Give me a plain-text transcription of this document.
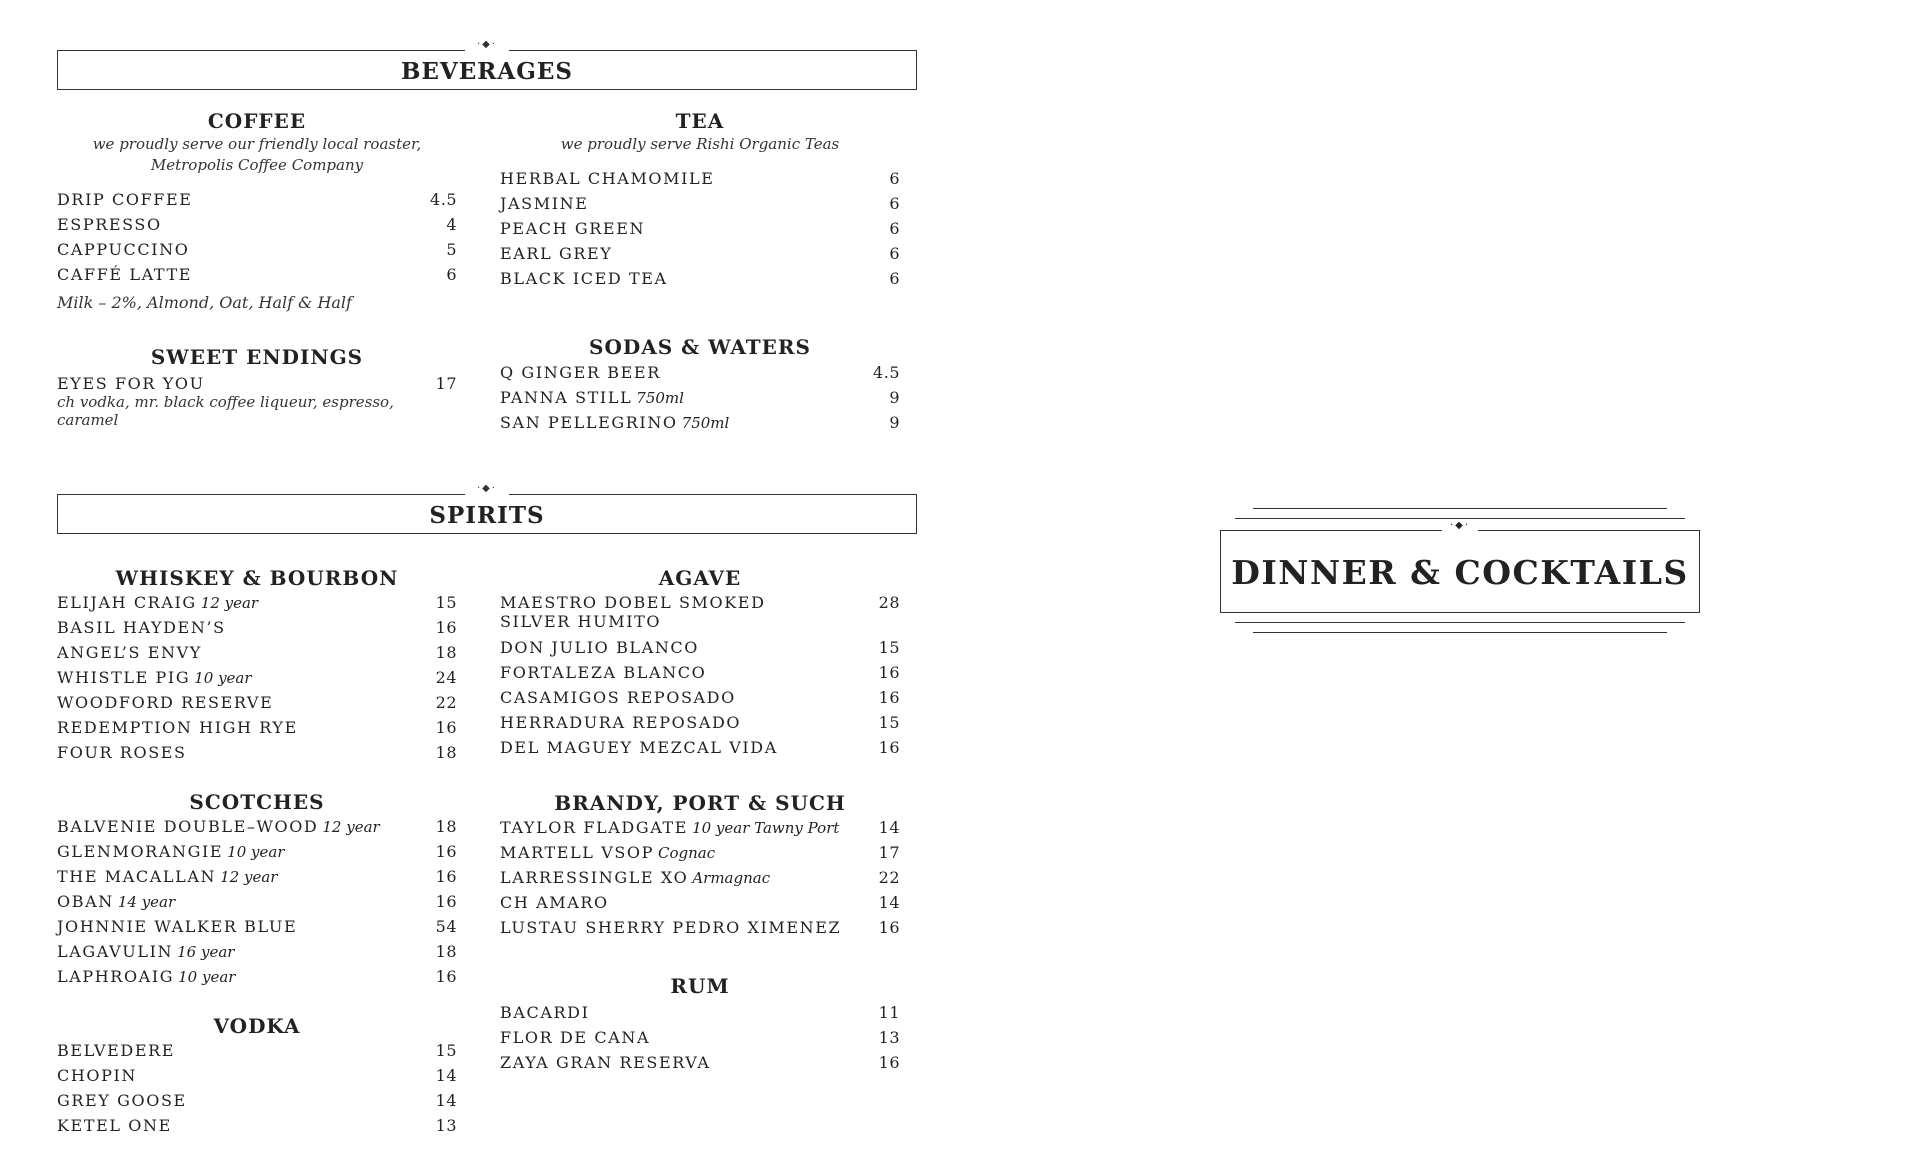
·◆·
BEVERAGES
COFFEE
we proudly serve our friendly local roaster,
Metropolis Coffee Company
DRIP COFFEE	4.5
ESPRESSO	4
CAPPUCCINO	5
CAFFÉ LATTE	6
Milk – 2%, Almond, Oat, Half & Half
TEA
we proudly serve Rishi Organic Teas
HERBAL CHAMOMILE	6
JASMINE	6
PEACH GREEN	6
EARL GREY	6
BLACK ICED TEA	6
SWEET ENDINGS
EYES FOR YOU	17
ch vodka, mr. black coffee liqueur, espresso, caramel
SODAS & WATERS
Q GINGER BEER	4.5
PANNA STILL 750ml	9
SAN PELLEGRINO 750ml	9
·◆·
SPIRITS
WHISKEY & BOURBON
ELIJAH CRAIG 12 year	15
BASIL HAYDEN’S	16
ANGEL’S ENVY	18
WHISTLE PIG 10 year	24
WOODFORD RESERVE	22
REDEMPTION HIGH RYE	16
FOUR ROSES	18
AGAVE
MAESTRO DOBEL SMOKED SILVER HUMITO
28
DON JULIO BLANCO	15
FORTALEZA BLANCO	16
CASAMIGOS REPOSADO	16
HERRADURA REPOSADO	15
DEL MAGUEY MEZCAL VIDA	16
SCOTCHES
BALVENIE DOUBLE–WOOD 12 year	18
GLENMORANGIE 10 year	16
THE MACALLAN 12 year	16
OBAN 14 year	16
JOHNNIE WALKER BLUE	54
LAGAVULIN 16 year	18
LAPHROAIG 10 year	16
BRANDY, PORT & SUCH
TAYLOR FLADGATE 10 year Tawny Port 14
MARTELL VSOP Cognac	17
LARRESSINGLE XO Armagnac	22
CH AMARO	14
LUSTAU SHERRY PEDRO XIMENEZ 16
VODKA
BELVEDERE	15
CHOPIN	14
GREY GOOSE	14
KETEL ONE	13
RUM
BACARDI	11
FLOR DE CANA	13
ZAYA GRAN RESERVA	16
·◆·
DINNER & COCKTAILS
